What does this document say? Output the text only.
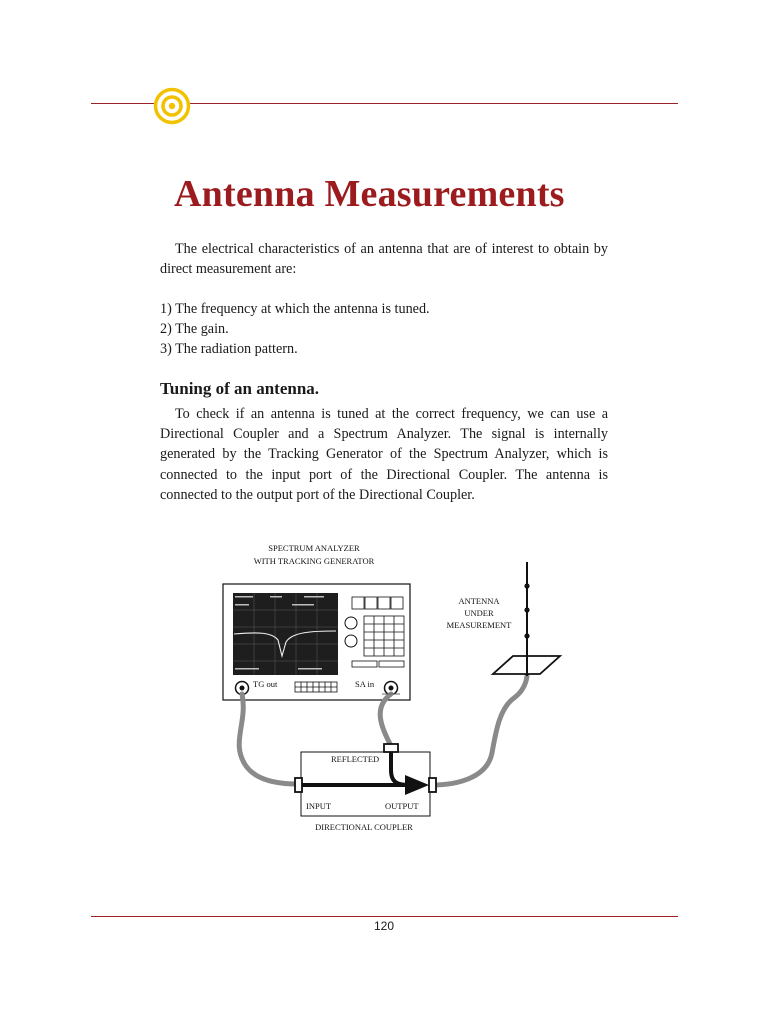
Antenna Measurements

The electrical characteristics of an antenna that are of interest to obtain by direct measurement are:

1) The frequency at which the antenna is tuned.
2) The gain.
3) The radiation pattern.
Tuning of an antenna.

To check if an antenna is tuned at the correct frequency, we can use a Directional Coupler and a Spectrum Analyzer. The signal is internally generated by the Tracking Generator of the Spectrum Analyzer, which is connected to the input port of the Directional Coupler. The antenna is connected to the output port of the Directional Coupler.

SPECTRUM ANALYZER
WITH TRACKING GENERATOR
TG out	SA in
REFLECTED
INPUT	OUTPUT
DIRECTIONAL COUPLER
ANTENNA
UNDER
MEASUREMENT
120
